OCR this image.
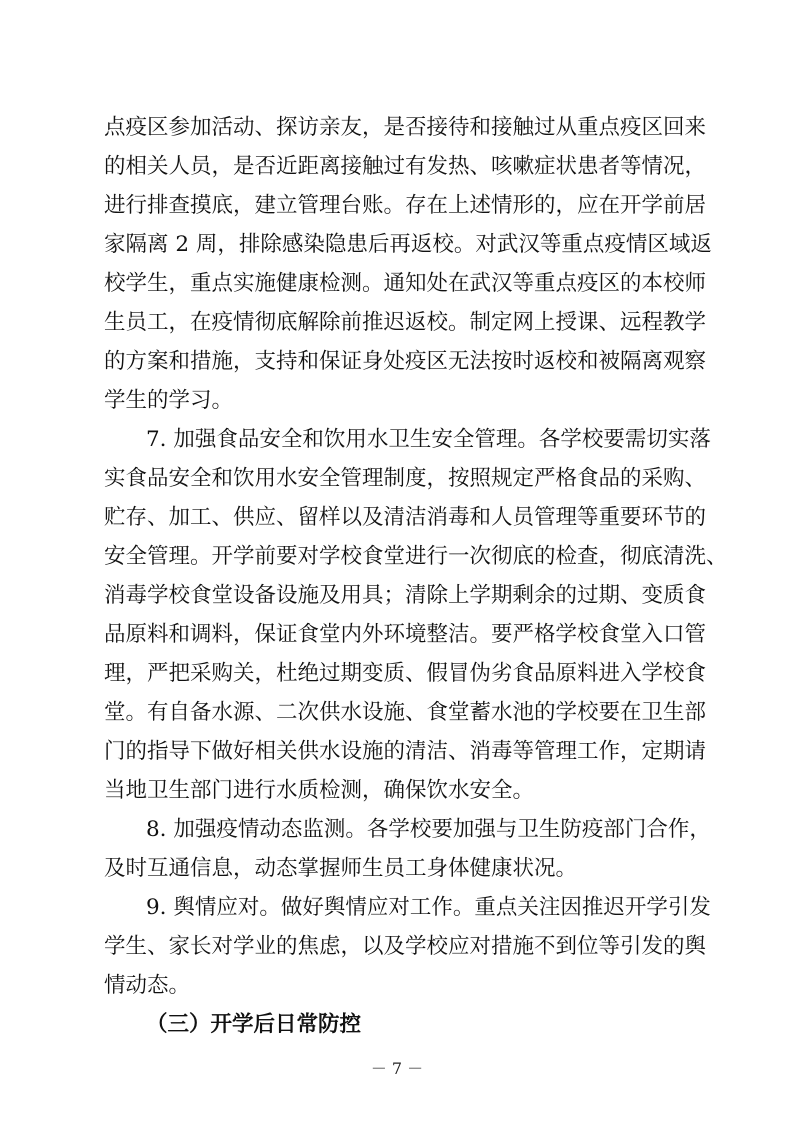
点疫区参加活动、探访亲友，是否接待和接触过从重点疫区回来
的相关人员，是否近距离接触过有发热、咳嗽症状患者等情况，
进行排查摸底，建立管理台账。存在上述情形的，应在开学前居
家隔离 2 周，排除感染隐患后再返校。对武汉等重点疫情区域返
校学生，重点实施健康检测。通知处在武汉等重点疫区的本校师
生员工，在疫情彻底解除前推迟返校。制定网上授课、远程教学
的方案和措施，支持和保证身处疫区无法按时返校和被隔离观察
学生的学习。
7. 加强食品安全和饮用水卫生安全管理。各学校要需切实落
实食品安全和饮用水安全管理制度，按照规定严格食品的采购、
贮存、加工、供应、留样以及清洁消毒和人员管理等重要环节的
安全管理。开学前要对学校食堂进行一次彻底的检查，彻底清洗、
消毒学校食堂设备设施及用具；清除上学期剩余的过期、变质食
品原料和调料，保证食堂内外环境整洁。要严格学校食堂入口管
理，严把采购关，杜绝过期变质、假冒伪劣食品原料进入学校食
堂。有自备水源、二次供水设施、食堂蓄水池的学校要在卫生部
门的指导下做好相关供水设施的清洁、消毒等管理工作，定期请
当地卫生部门进行水质检测，确保饮水安全。
8. 加强疫情动态监测。各学校要加强与卫生防疫部门合作，
及时互通信息，动态掌握师生员工身体健康状况。
9. 舆情应对。做好舆情应对工作。重点关注因推迟开学引发
学生、家长对学业的焦虑，以及学校应对措施不到位等引发的舆
情动态。
（三）开学后日常防控
－ 7 －
